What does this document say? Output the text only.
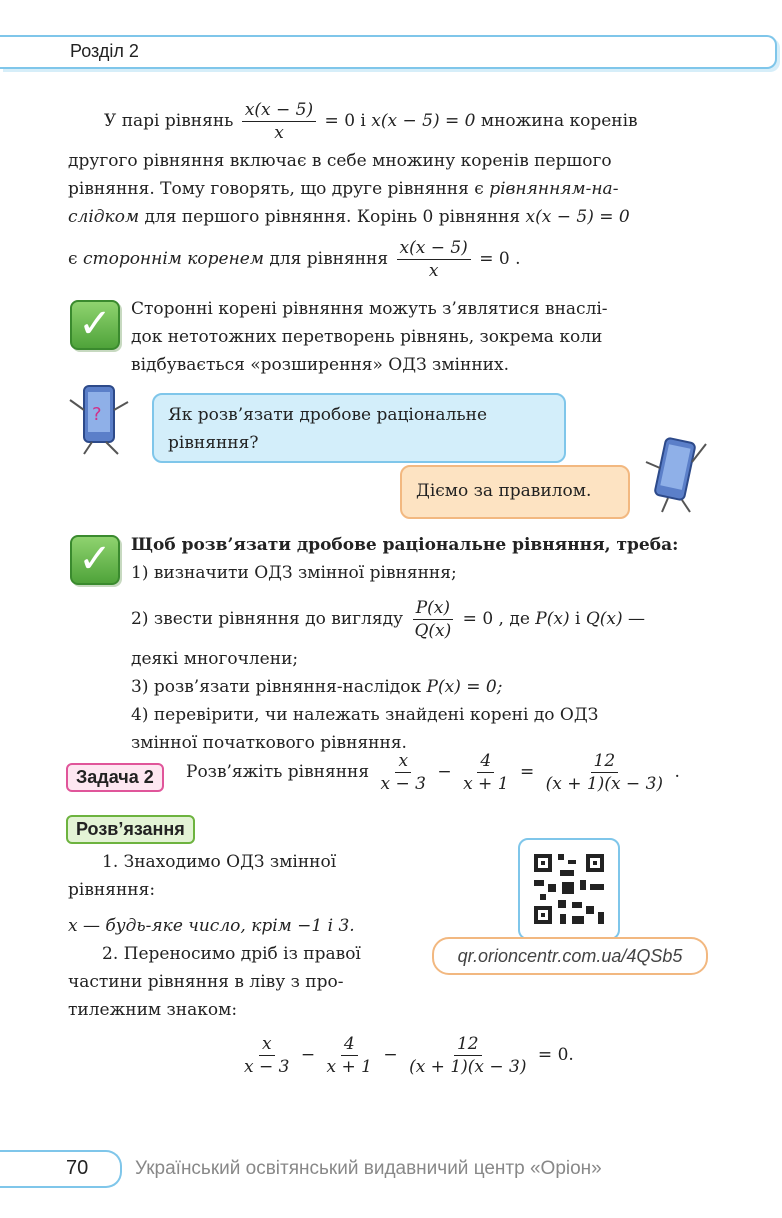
Розділ 2
У парі рівнянь $\frac{x(x - 5)}{x} = 0$ і x(x − 5) = 0 множина коренів
другого рівняння включає в себе множину коренів першого
рівняння. Тому говорять, що друге рівняння є рівнянням-на-
слідком для першого рівняння. Корінь 0 рівняння x(x − 5) = 0
є стороннім коренем для рівняння $\frac{x(x - 5)}{x} = 0$ .
✓	Сторонні корені рівняння можуть з’являтися внаслі-
док нетотожних перетворень рівнянь, зокрема коли
відбувається «розширення» ОДЗ змінних.
?	Як розв’язати дробове раціональне
рівняння?
Діємо за правилом.
✓	Щоб розв’язати дробове раціональне рівняння, треба:
1) визначити ОДЗ змінної рівняння;
2) звести рівняння до вигляду $\frac{P(x)}{Q(x)} = 0$ , де P(x) і Q(x) —
деякі многочлени;
3) розв’язати рівняння-наслідок P(x) = 0;
4) перевірити, чи належать знайдені корені до ОДЗ
змінної початкового рівняння.
Задача 2	Розв’яжіть рівняння $\frac{x}{x - 3} - \frac{4}{x + 1} = \frac{12}{(x + 1)(x - 3)}$ .
Розв’язання
1. Знаходимо ОДЗ змінної
рівняння:
x — будь-яке число, крім −1 і 3.
2. Переносимо дріб із правої
частини рівняння в ліву з про-
тилежним знаком:
qr.orioncentr.com.ua/4QSb5
$\frac{x}{x - 3} - \frac{4}{x + 1} - \frac{12}{(x + 1)(x - 3)} = 0$.
70 Український освітянський видавничий центр «Оріон»
